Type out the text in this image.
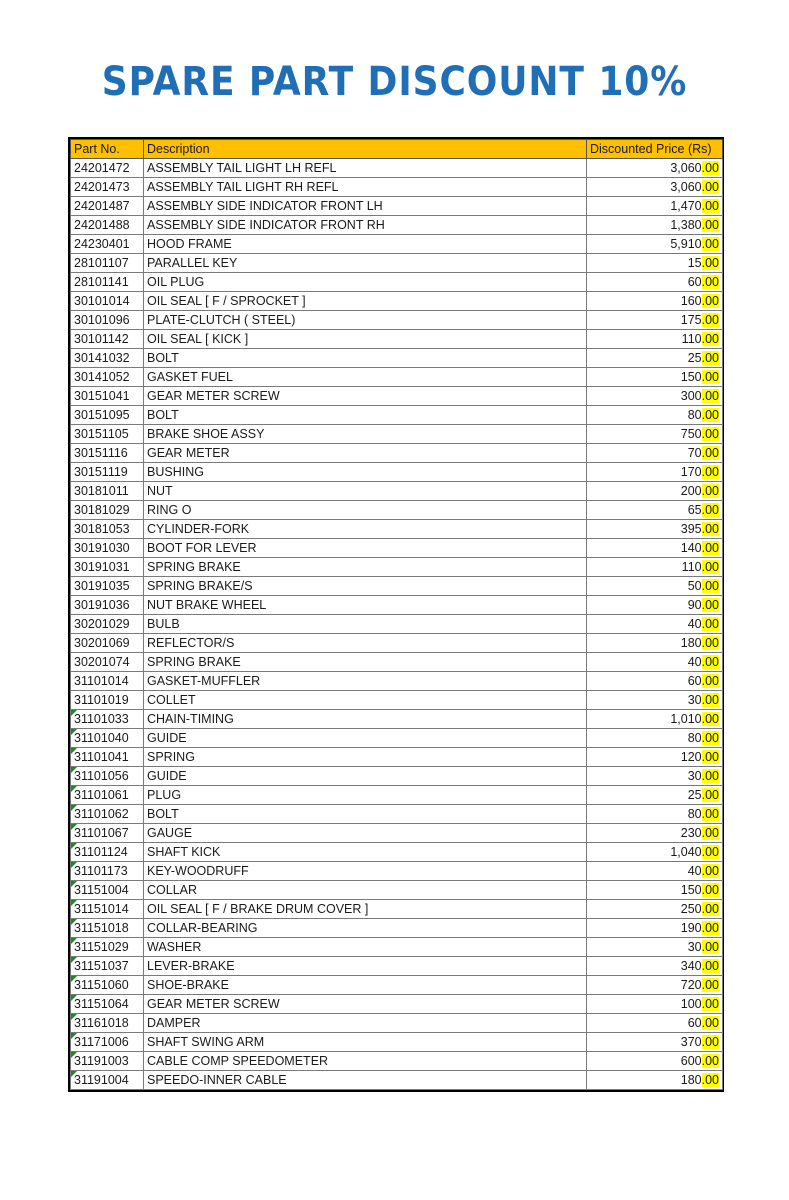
SPARE PART DISCOUNT 10%
Part No.	Description	Discounted Price (Rs)
24201472	ASSEMBLY TAIL LIGHT LH REFL	3,060.00
24201473	ASSEMBLY TAIL LIGHT RH REFL	3,060.00
24201487	ASSEMBLY SIDE INDICATOR FRONT LH	1,470.00
24201488	ASSEMBLY SIDE INDICATOR FRONT RH	1,380.00
24230401	HOOD FRAME	5,910.00
28101107	PARALLEL KEY	15.00
28101141	OIL PLUG	60.00
30101014	OIL SEAL [ F / SPROCKET ]	160.00
30101096	PLATE-CLUTCH ( STEEL)	175.00
30101142	OIL SEAL [ KICK ]	110.00
30141032	BOLT	25.00
30141052	GASKET FUEL	150.00
30151041	GEAR METER SCREW	300.00
30151095	BOLT	80.00
30151105	BRAKE SHOE ASSY	750.00
30151116	GEAR METER	70.00
30151119	BUSHING	170.00
30181011	NUT	200.00
30181029	RING O	65.00
30181053	CYLINDER-FORK	395.00
30191030	BOOT FOR LEVER	140.00
30191031	SPRING BRAKE	110.00
30191035	SPRING BRAKE/S	50.00
30191036	NUT BRAKE WHEEL	90.00
30201029	BULB	40.00
30201069	REFLECTOR/S	180.00
30201074	SPRING BRAKE	40.00
31101014	GASKET-MUFFLER	60.00
31101019	COLLET	30.00
31101033	CHAIN-TIMING	1,010.00
31101040	GUIDE	80.00
31101041	SPRING	120.00
31101056	GUIDE	30.00
31101061	PLUG	25.00
31101062	BOLT	80.00
31101067	GAUGE	230.00
31101124	SHAFT KICK	1,040.00
31101173	KEY-WOODRUFF	40.00
31151004	COLLAR	150.00
31151014	OIL SEAL [ F / BRAKE DRUM COVER ]	250.00
31151018	COLLAR-BEARING	190.00
31151029	WASHER	30.00
31151037	LEVER-BRAKE	340.00
31151060	SHOE-BRAKE	720.00
31151064	GEAR METER SCREW	100.00
31161018	DAMPER	60.00
31171006	SHAFT SWING ARM	370.00
31191003	CABLE COMP SPEEDOMETER	600.00
31191004	SPEEDO-INNER CABLE	180.00
